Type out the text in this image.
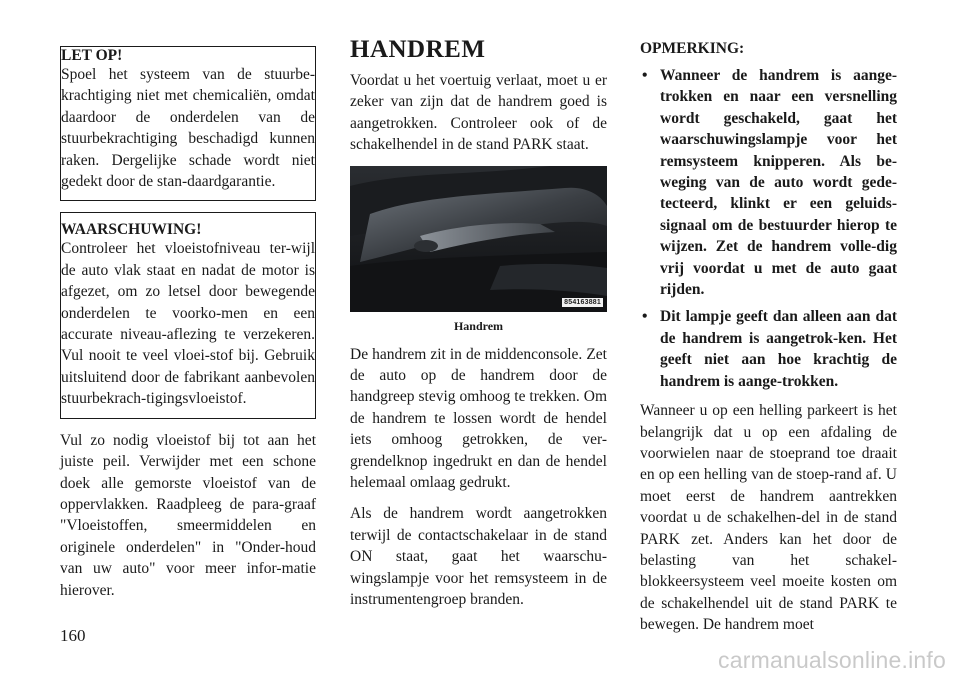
LET OP!
Spoel het systeem van de stuurbe-krachtiging niet met chemicaliën, omdat daardoor de onderdelen van de stuurbekrachtiging beschadigd kunnen raken. Dergelijke schade wordt niet gedekt door de stan-daardgarantie.
WAARSCHUWING!
Controleer het vloeistofniveau ter-wijl de auto vlak staat en nadat de motor is afgezet, om zo letsel door bewegende onderdelen te voorko-men en een accurate niveau-aflezing te verzekeren. Vul nooit te veel vloei-stof bij. Gebruik uitsluitend door de fabrikant aanbevolen stuurbekrach-tigingsvloeistof.

Vul zo nodig vloeistof bij tot aan het juiste peil. Verwijder met een schone doek alle gemorste vloeistof van de oppervlakken. Raadpleeg de para-graaf "Vloeistoffen, smeermiddelen en originele onderdelen" in "Onder-houd van uw auto" voor meer infor-matie hierover.

HANDREM

Voordat u het voertuig verlaat, moet u er zeker van zijn dat de handrem goed is aangetrokken. Controleer ook of de schakelhendel in de stand PARK staat.

854163881
Handrem

De handrem zit in de middenconsole. Zet de auto op de handrem door de handgreep stevig omhoog te trekken. Om de handrem te lossen wordt de hendel iets omhoog getrokken, de ver-grendelknop ingedrukt en dan de hendel helemaal omlaag gedrukt.

Als de handrem wordt aangetrokken terwijl de contactschakelaar in de stand ON staat, gaat het waarschu-wingslampje voor het remsysteem in de instrumentengroep branden.

OPMERKING:
• Wanneer de handrem is aange-trokken en naar een versnelling wordt geschakeld, gaat het waarschuwingslampje voor het remsysteem knipperen. Als be-weging van de auto wordt gede-tecteerd, klinkt er een geluids-signaal om de bestuurder hierop te wijzen. Zet de handrem volle-dig vrij voordat u met de auto gaat rijden.
• Dit lampje geeft dan alleen aan dat de handrem is aangetrok-ken. Het geeft niet aan hoe krachtig de handrem is aange-trokken.

Wanneer u op een helling parkeert is het belangrijk dat u op een afdaling de voorwielen naar de stoeprand toe draait en op een helling van de stoep-rand af. U moet eerst de handrem aantrekken voordat u de schakelhen-del in de stand PARK zet. Anders kan het door de belasting van het schakel-blokkeersysteem veel moeite kosten om de schakelhendel uit de stand PARK te bewegen. De handrem moet

160
carmanualsonline.info
